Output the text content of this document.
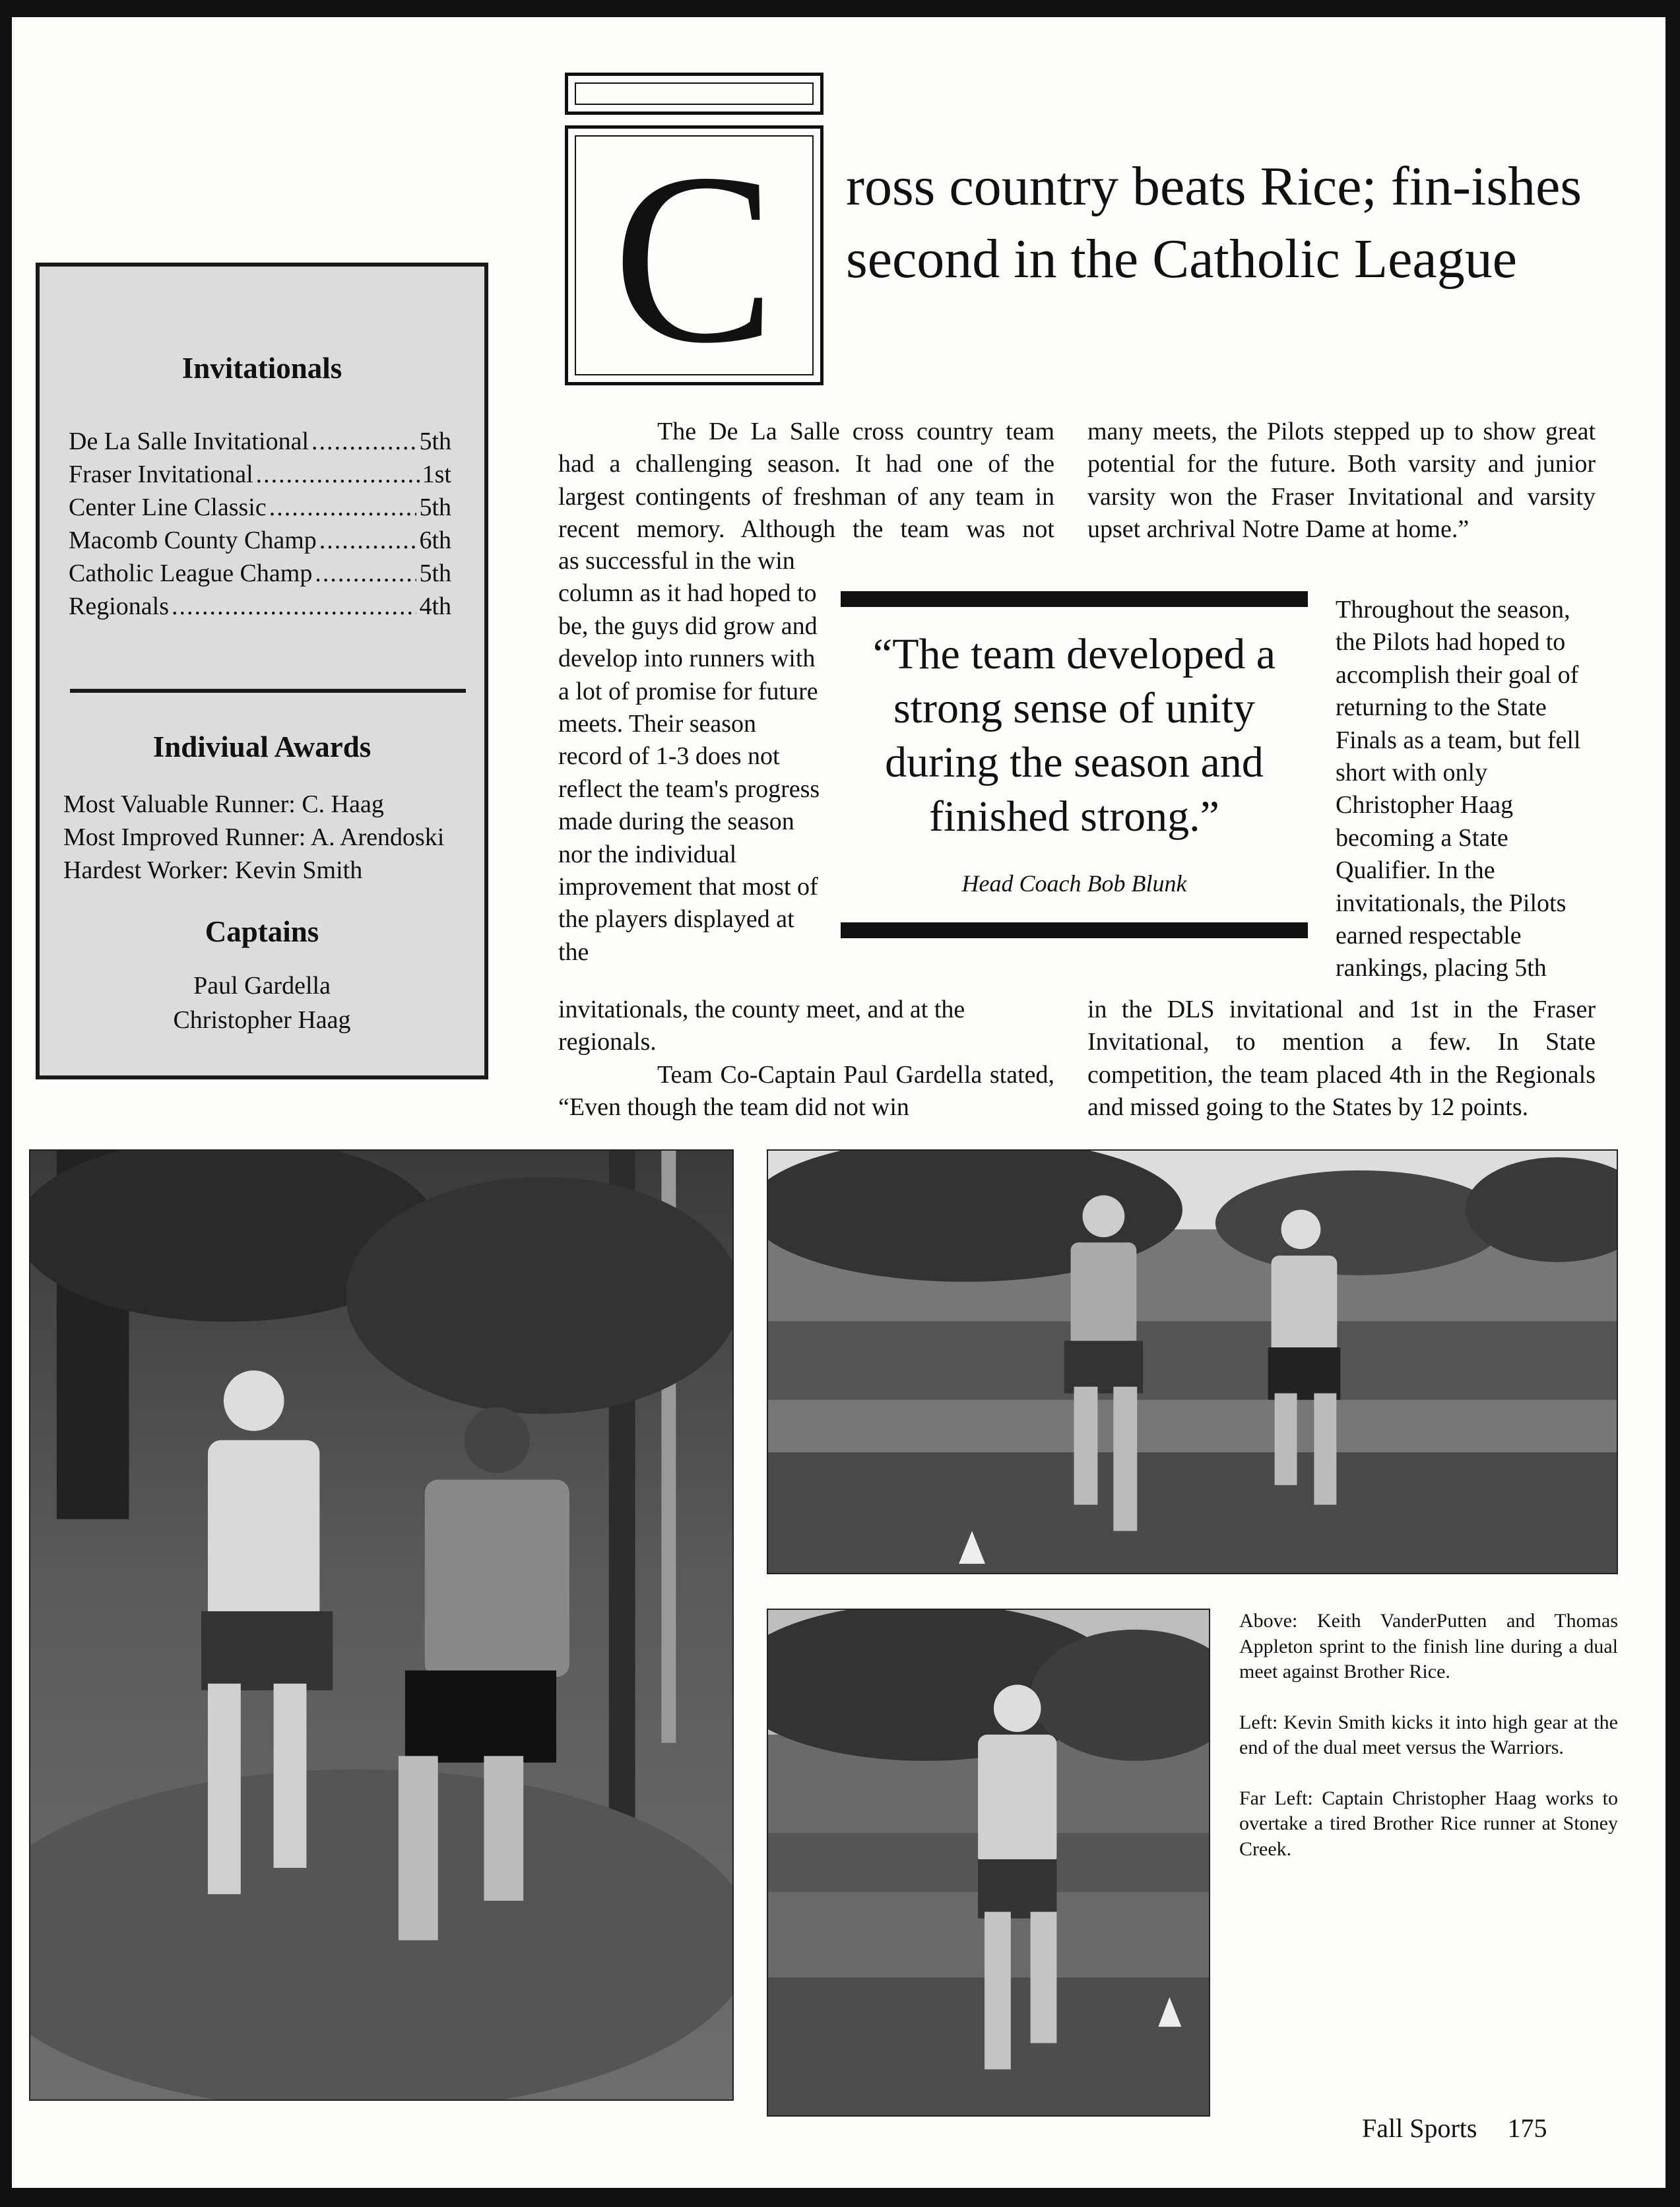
Invitationals
De La Salle Invitational .....	5th
Fraser Invitational .....	1st
Center Line Classic .....	5th
Macomb County Champ .....	6th
Catholic League Champ .....	5th
Regionals .....	4th
Indiviual Awards
Most Valuable Runner: C. Haag
Most Improved Runner: A. Arendoski
Hardest Worker: Kevin Smith
Captains
Paul Gardella
Christopher Haag
C ross country beats Rice; fin-ishes second in the Catholic League

The De La Salle cross country team had a challenging season. It had one of the largest contingents of freshman of any team in recent memory. Although the team was not

as successful in the win column as it had hoped to be, the guys did grow and develop into runners with a lot of promise for future meets. Their season record of 1-3 does not reflect the team's progress made during the season nor the individual improvement that most of the players displayed at the

invitationals, the county meet, and at the regionals.

Team Co-Captain Paul Gardella stated, “Even though the team did not win

many meets, the Pilots stepped up to show great potential for the future. Both varsity and junior varsity won the Fraser Invitational and varsity upset archrival Notre Dame at home.”

Throughout the season, the Pilots had hoped to accomplish their goal of returning to the State Finals as a team, but fell short with only Christopher Haag becoming a State Qualifier. In the invitationals, the Pilots earned respectable rankings, placing 5th

in the DLS invitational and 1st in the Fraser Invitational, to mention a few. In State competition, the team placed 4th in the Regionals and missed going to the States by 12 points.

“The team developed a strong sense of unity during the season and finished strong.”
Head Coach Bob Blunk

Above: Keith VanderPutten and Thomas Appleton sprint to the finish line during a dual meet against Brother Rice.

Left: Kevin Smith kicks it into high gear at the end of the dual meet versus the Warriors.

Far Left: Captain Christopher Haag works to overtake a tired Brother Rice runner at Stoney Creek.

Fall Sports 175
